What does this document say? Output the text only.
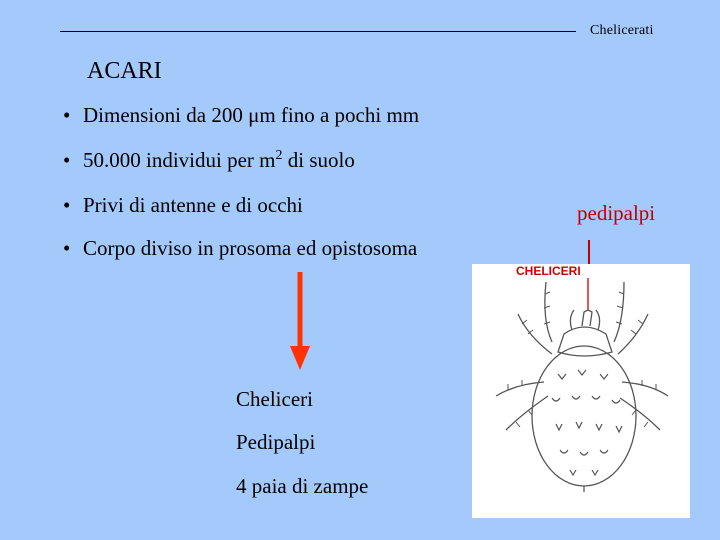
Chelicerati
ACARI
• Dimensioni da 200 μm fino a pochi mm
• 50.000 individui per $m^2$ di suolo
• Privi di antenne e di occhi
• Corpo diviso in prosoma ed opistosoma
Cheliceri
Pedipalpi
4 paia di zampe
pedipalpi
CHELICERI
